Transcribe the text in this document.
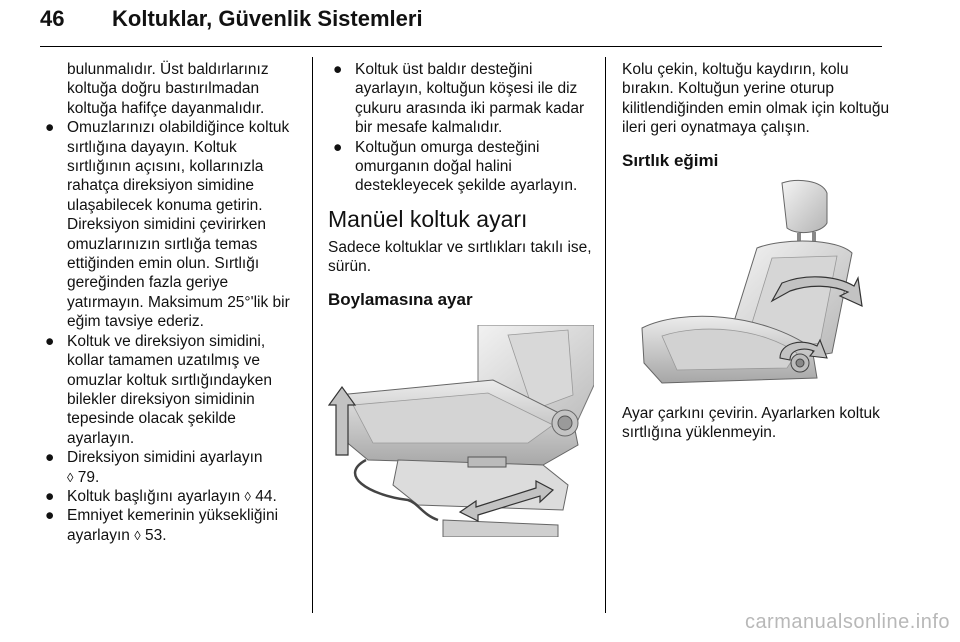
46 Koltuklar, Güvenlik Sistemleri

bulunmalıdır. Üst baldırlarınız koltuğa doğru bastırılmadan koltuğa hafifçe dayanmalıdır.

● Omuzlarınızı olabildiğince koltuk sırtlığına dayayın. Koltuk sırtlığının açısını, kollarınızla rahatça direksiyon simidine ulaşabilecek konuma getirin. Direksiyon simidini çevirirken omuzlarınızın sırtlığa temas ettiğinden emin olun. Sırtlığı gereğinden fazla geriye yatırmayın. Maksimum 25°'lik bir eğim tavsiye ederiz.

● Koltuk ve direksiyon simidini, kollar tamamen uzatılmış ve omuzlar koltuk sırtlığındayken bilekler direksiyon simidinin tepesinde olacak şekilde ayarlayın.

● Direksiyon simidini ayarlayın
◊ 79.

● Koltuk başlığını ayarlayın ◊ 44.

● Emniyet kemerinin yüksekliğini ayarlayın ◊ 53.

● Koltuk üst baldır desteğini ayarlayın, koltuğun köşesi ile diz çukuru arasında iki parmak kadar bir mesafe kalmalıdır.

● Koltuğun omurga desteğini omurganın doğal halini destekleyecek şekilde ayarlayın.

Manüel koltuk ayarı

Sadece koltuklar ve sırtlıkları takılı ise, sürün.

Boylamasına ayar

Kolu çekin, koltuğu kaydırın, kolu bırakın. Koltuğun yerine oturup kilitlendiğinden emin olmak için koltuğu ileri geri oynatmaya çalışın.

Sırtlık eğimi

Ayar çarkını çevirin. Ayarlarken koltuk sırtlığına yüklenmeyin.

carmanualsonline.info
